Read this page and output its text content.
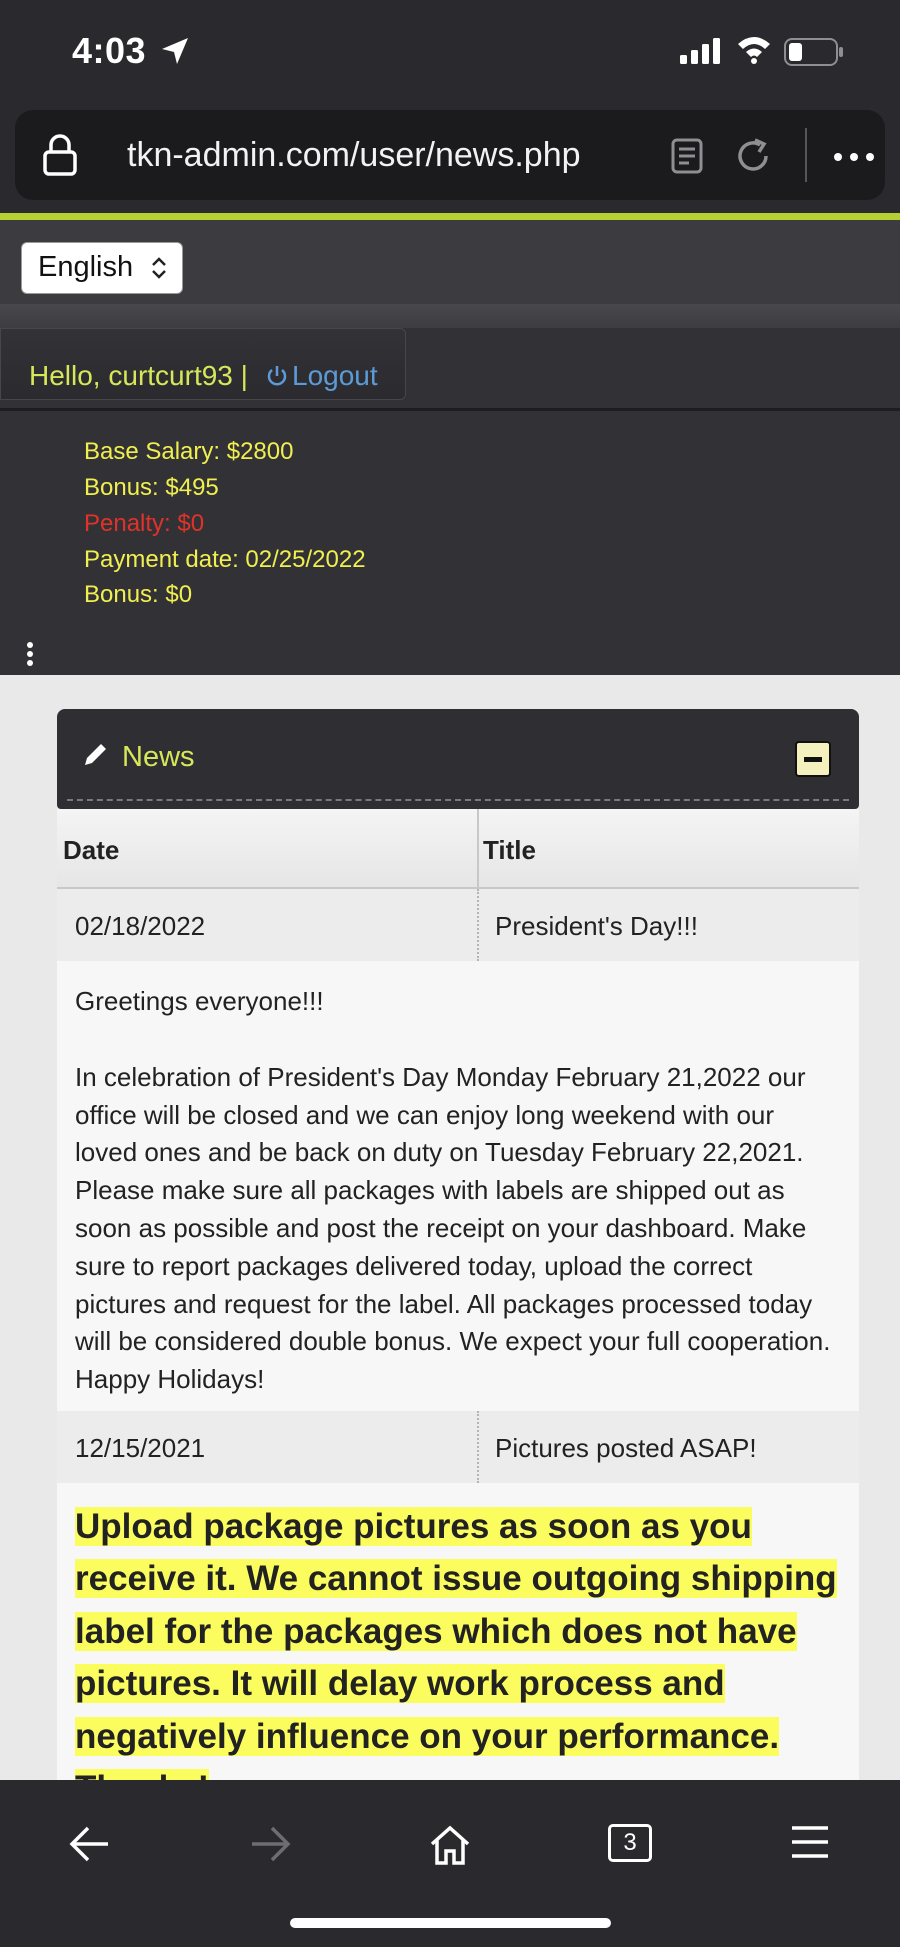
4:03
tkn-admin.com/user/news.php
English
Hello, curtcurt93 |	Logout
Base Salary: $2800
Bonus: $495
Penalty: $0
Payment date: 02/25/2022
Bonus: $0
News
Date	Title
02/18/2022	President's Day!!!

Greetings everyone!!!

In celebration of President's Day Monday February 21,2022 our office will be closed and we can enjoy long weekend with our loved ones and be back on duty on Tuesday February 22,2021. Please make sure all packages with labels are shipped out as soon as possible and post the receipt on your dashboard. Make sure to report packages delivered today, upload the correct pictures and request for the label. All packages processed today will be considered double bonus. We expect your full cooperation. Happy Holidays!

12/15/2021	Pictures posted ASAP!

Upload package pictures as soon as you receive it. We cannot issue outgoing shipping label for the packages which does not have pictures. It will delay work process and negatively influence on your performance.

3
